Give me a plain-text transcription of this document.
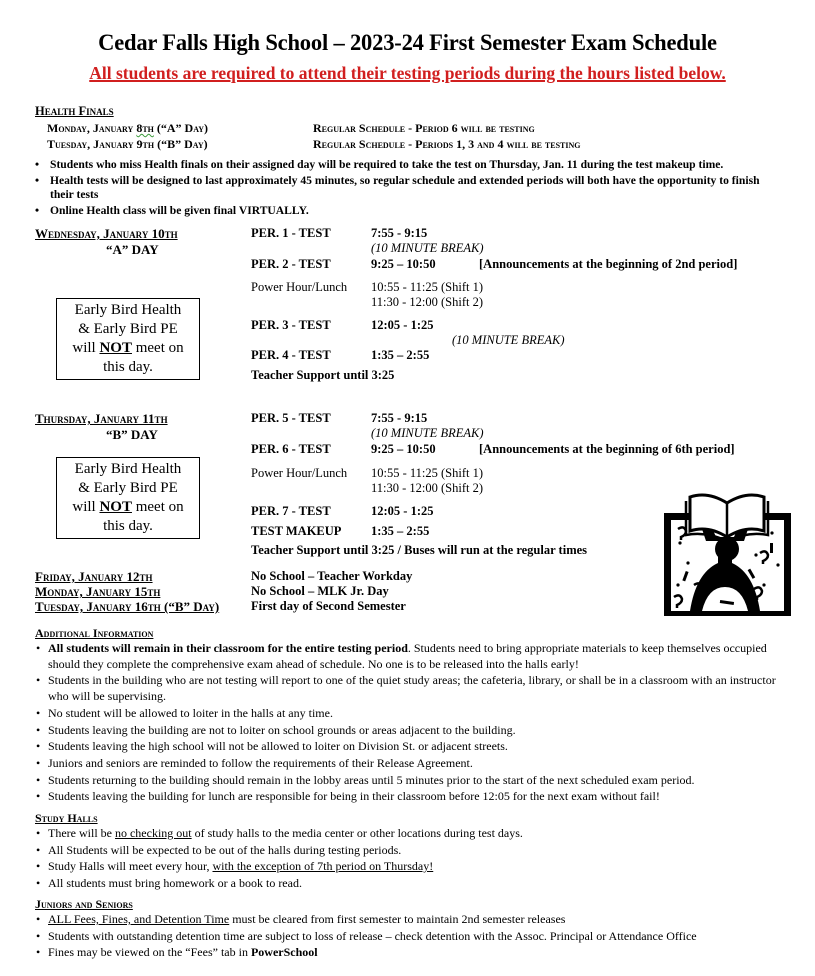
Cedar Falls High School – 2023-24 First Semester Exam Schedule
All students are required to attend their testing periods during the hours listed below.
Health Finals
Monday, January 8th (“A” Day)	Regular Schedule - Period 6 will be testing
Tuesday, January 9th (“B” Day)	Regular Schedule - Periods 1, 3 and 4 will be testing
• Students who miss Health finals on their assigned day will be required to take the test on Thursday, Jan. 11 during the test makeup time.
• Health tests will be designed to last approximately 45 minutes, so regular schedule and extended periods will both have the opportunity to finish their tests
• Online Health class will be given final VIRTUALLY.
Wednesday, January 10th
“A” DAY
Early Bird Health
& Early Bird PE
will NOT meet on
this day.
PER. 1 - TEST	7:55 - 9:15
(10 MINUTE BREAK)
PER. 2 - TEST	9:25 – 10:50	[Announcements at the beginning of 2nd period]
Power Hour/Lunch 10:55 - 11:25 (Shift 1)
11:30 - 12:00 (Shift 2)
PER. 3 - TEST	12:05 - 1:25
(10 MINUTE BREAK)
PER. 4 - TEST	1:35 – 2:55
Teacher Support until 3:25
Thursday, January 11th
“B” DAY
Early Bird Health
& Early Bird PE
will NOT meet on
this day.
PER. 5 - TEST	7:55 - 9:15
(10 MINUTE BREAK)
PER. 6 - TEST	9:25 – 10:50	[Announcements at the beginning of 6th period]
Power Hour/Lunch 10:55 - 11:25 (Shift 1)
11:30 - 12:00 (Shift 2)
PER. 7 - TEST	12:05 - 1:25
TEST MAKEUP 1:35 – 2:55
Teacher Support until 3:25 / Buses will run at the regular times
Friday, January 12th	No School – Teacher Workday
Monday, January 15th	No School – MLK Jr. Day
Tuesday, January 16th (“B” Day)	First day of Second Semester
Additional Information
• All students will remain in their classroom for the entire testing period. Students need to bring appropriate materials to keep themselves occupied should they complete the comprehensive exam ahead of schedule. No one is to be released into the halls early!
• Students in the building who are not testing will report to one of the quiet study areas; the cafeteria, library, or shall be in a classroom with an instructor who will be supervising.
• No student will be allowed to loiter in the halls at any time.
• Students leaving the building are not to loiter on school grounds or areas adjacent to the building.
• Students leaving the high school will not be allowed to loiter on Division St. or adjacent streets.
• Juniors and seniors are reminded to follow the requirements of their Release Agreement.
• Students returning to the building should remain in the lobby areas until 5 minutes prior to the start of the next scheduled exam period.
• Students leaving the building for lunch are responsible for being in their classroom before 12:05 for the next exam without fail!
Study Halls
• There will be no checking out of study halls to the media center or other locations during test days.
• All Students will be expected to be out of the halls during testing periods.
• Study Halls will meet every hour, with the exception of 7th period on Thursday!
• All students must bring homework or a book to read.
Juniors and Seniors
• ALL Fees, Fines, and Detention Time must be cleared from first semester to maintain 2nd semester releases
• Students with outstanding detention time are subject to loss of release – check detention with the Assoc. Principal or Attendance Office
• Fines may be viewed on the “Fees” tab in PowerSchool
